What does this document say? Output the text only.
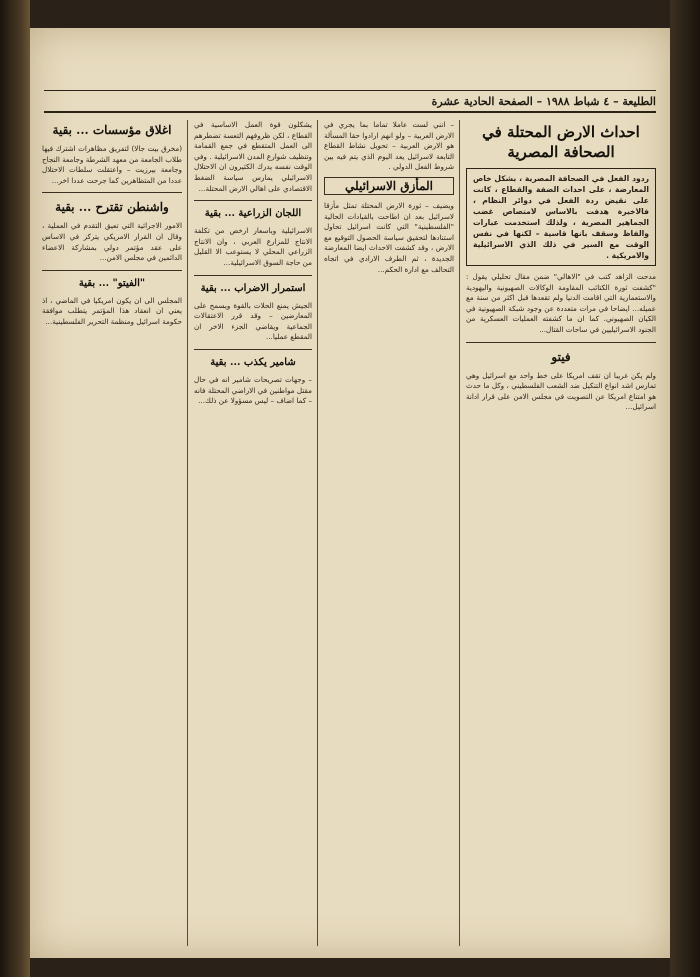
الطليعة – ٤ شباط ١٩٨٨ – الصفحة الحادية عشرة
احداث الارض المحتلة في الصحافة المصرية
ردود الفعل في الصحافة المصرية ، بشكل خاص المعارضة ، على احداث الضفة والقطاع ، كانت على نقيض ردة الفعل في دوائر النظام ، فالاخيرة هدفت بالاساس لامتصاص غضب الجماهير المصرية ، ولذلك استخدمت عبارات والفاظ وسقف بانها قاسية – لكنها في نفس الوقت مع السير في ذلك الذي الاسرائيلية والامريكية .

مدحت الزاهد كتب في "الاهالي" ضمن مقال تحليلي يقول : "كشفت ثورة الكتائب المقاومة الوكالات الصهيونية واليهودية والاستعمارية التي اقامت الدنيا ولم تقعدها قبل اكثر من سنة مع عميله... ايضاحا في مرات متعددة عن وجود شبكة الصهيونية في الكيان الصهيوني. كما ان ما كشفته العمليات العسكرية من الجنود الاسرائيليين في ساحات القتال...

فيتو

ولم يكن غريبا ان تقف امريكا على خط واحد مع اسرائيل وهي تمارس اشد انواع التنكيل ضد الشعب الفلسطيني ، وكل ما حدث هو امتناع امريكا عن التصويت في مجلس الامن على قرار ادانة اسرائيل...

– انني لست عاملا تماما بما يجري في الارض العربية – ولو انهم ارادوا حقا المسألة هو الارض العربية – تحويل نشاط القطاع التابعة لاسرائيل يعد اليوم الذي يتم فيه بين شروط الفعل الدولي .

المأزق الاسرائيلي

ويضيف – ثورة الارض المحتلة تمثل مأزقا لاسرائيل بعد ان اطاحت بالقيادات الحالية "الفلسطينية" التي كانت اسرائيل تحاول استنادها لتحقيق سياسة الحصول التوقيع مع الارض ، وقد كشفت الاحداث ايضا المعارضة الجديدة ، ثم الطرف الارادي في اتجاه التحالف مع ادارة الحكم...

يشكلون قوة العمل الاساسية في القطاع ، لكن ظروفهم التعسة تضطرهم الى العمل المتقطع في جمع القمامة وتنظيف شوارع المدن الاسرائيلية . وفي الوقت نفسه يدرك الكثيرون ان الاحتلال الاسرائيلي يمارس سياسة الضغط الاقتصادي على اهالي الارض المحتلة...

اللجان الزراعية ... بقية

الاسرائيلية وباسعار ارخص من تكلفة الانتاج للمزارع العربي ، وان الانتاج الزراعي المحلي لا يستوعب الا القليل من حاجة السوق الاسرائيلية...

استمرار الاضراب ... بقية

الجيش يمنع الحلات بالقوة ويسمح على المعارضين – وقد قرر الاعتقالات الجماعية ويقاضي الجزء الاخر ان المقطع عمليا...

شامير يكذب ... بقية

– وجهات تصريحات شامير انه في حال مقتل مواطنين في الاراضي المحتلة فانه – كما اضاف – ليس مسؤولا عن ذلك...

اغلاق مؤسسات ... بقية

(مخرق بيت جالا) لتفريق مظاهرات اشترك فيها طلاب الجامعة من معهد الشرطة وجامعة النجاح وجامعة بيرزيت – واعتقلت سلطات الاحتلال عددا من المتظاهرين كما جرحت عددا اخر...

واشنطن تقترح ... بقية

الامور الاجرائية التي تعيق التقدم في العملية ، وقال ان القرار الامريكي يتركز في الاساس على عقد مؤتمر دولي بمشاركة الاعضاء الدائمين في مجلس الامن...

"الفيتو" ... بقية

المجلس الى ان يكون امريكيا في الماضي ، اذ يعني ان انعقاد هذا المؤتمر يتطلب موافقة حكومة اسرائيل ومنظمة التحرير الفلسطينية...
